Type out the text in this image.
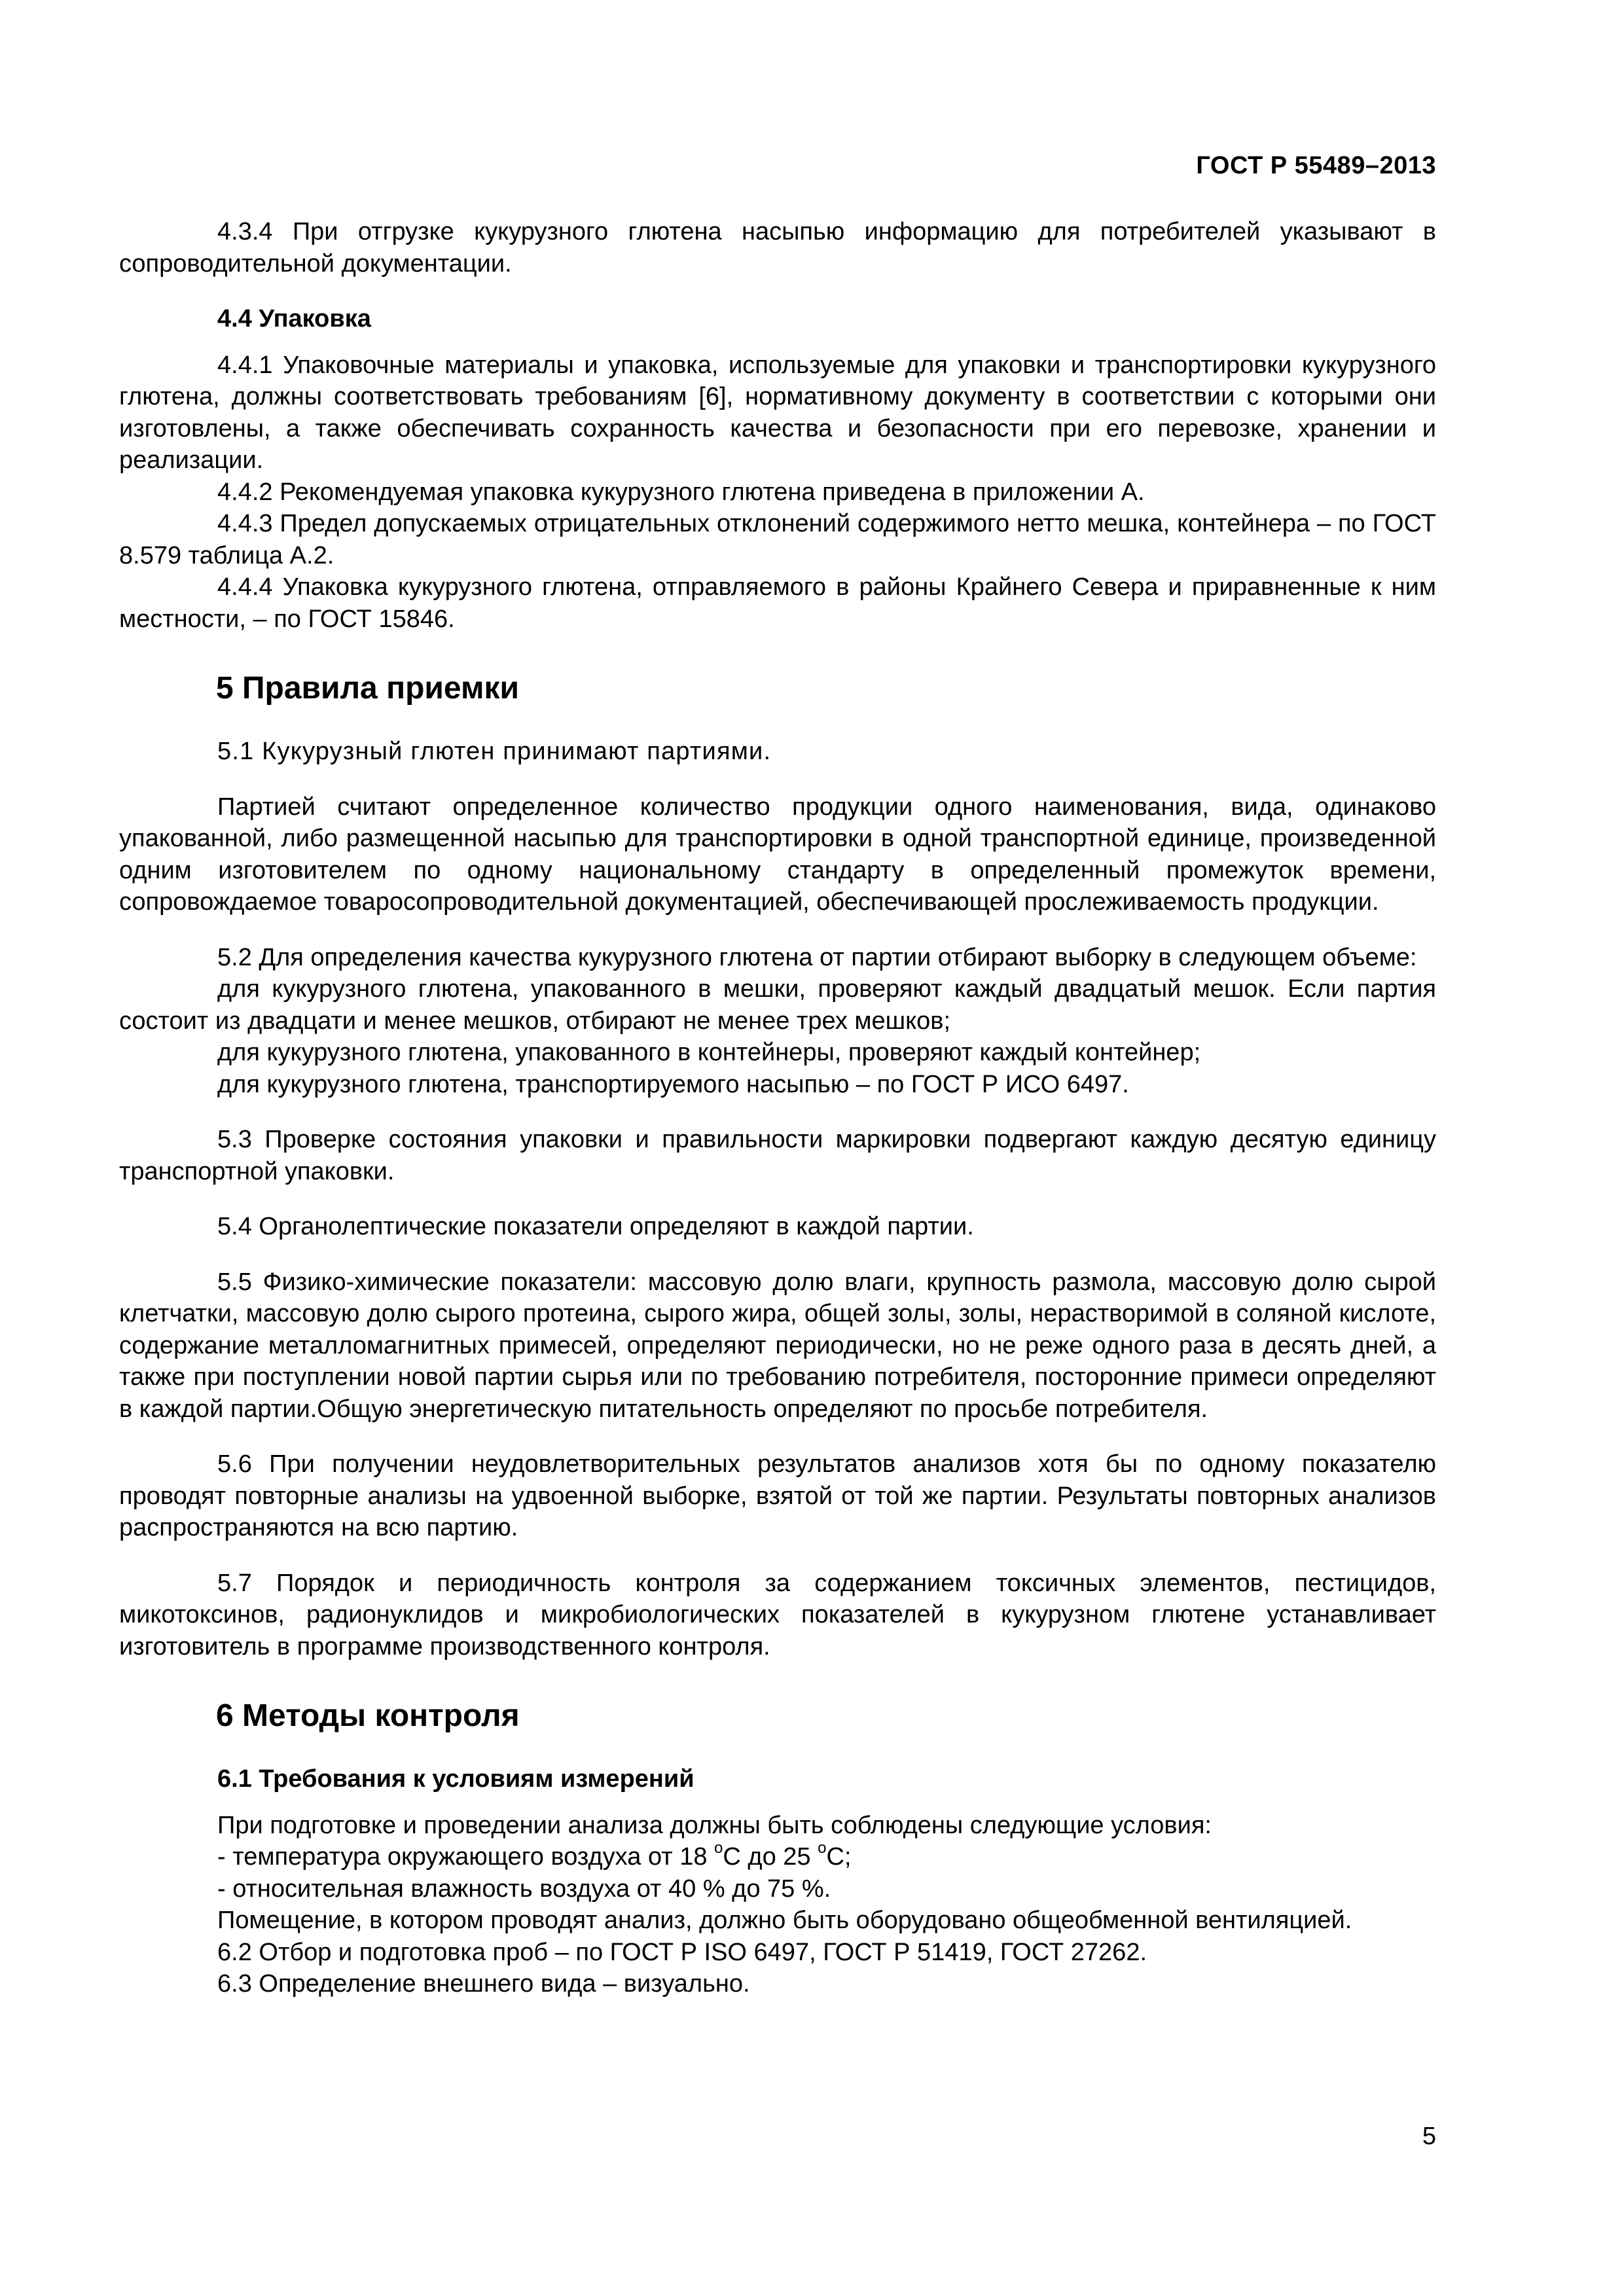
ГОСТ Р 55489–2013

4.3.4 При отгрузке кукурузного глютена насыпью информацию для потребителей указывают в сопроводительной документации.

4.4 Упаковка

4.4.1 Упаковочные материалы и упаковка, используемые для упаковки и транспортировки кукурузного глютена, должны соответствовать требованиям [6], нормативному документу в соответствии с которыми они изготовлены, а также обеспечивать сохранность качества и безопасности при его перевозке, хранении и реализации.

4.4.2 Рекомендуемая упаковка кукурузного глютена приведена в приложении А.

4.4.3 Предел допускаемых отрицательных отклонений содержимого нетто мешка, контейнера – по ГОСТ 8.579 таблица А.2.

4.4.4 Упаковка кукурузного глютена, отправляемого в районы Крайнего Севера и приравненные к ним местности, – по ГОСТ 15846.

5 Правила приемки

5.1 Кукурузный глютен принимают партиями.

Партией считают определенное количество продукции одного наименования, вида, одинаково упакованной, либо размещенной насыпью для транспортировки в одной транспортной единице, произведенной одним изготовителем по одному национальному стандарту в определенный промежуток времени, сопровождаемое товаросопроводительной документацией, обеспечивающей прослеживаемость продукции.

5.2 Для определения качества кукурузного глютена от партии отбирают выборку в следующем объеме:

для кукурузного глютена, упакованного в мешки, проверяют каждый двадцатый мешок. Если партия состоит из двадцати и менее мешков, отбирают не менее трех мешков;

для кукурузного глютена, упакованного в контейнеры, проверяют каждый контейнер;

для кукурузного глютена, транспортируемого насыпью – по ГОСТ Р ИСО 6497.

5.3 Проверке состояния упаковки и правильности маркировки подвергают каждую десятую единицу транспортной упаковки.

5.4 Органолептические показатели определяют в каждой партии.

5.5 Физико-химические показатели: массовую долю влаги, крупность размола, массовую долю сырой клетчатки, массовую долю сырого протеина, сырого жира, общей золы, золы, нерастворимой в соляной кислоте, содержание металломагнитных примесей, определяют периодически, но не реже одного раза в десять дней, а также при поступлении новой партии сырья или по требованию потребителя, посторонние примеси определяют в каждой партии.Общую энергетическую питательность определяют по просьбе потребителя.

5.6 При получении неудовлетворительных результатов анализов хотя бы по одному показателю проводят повторные анализы на удвоенной выборке, взятой от той же партии. Результаты повторных анализов распространяются на всю партию.

5.7 Порядок и периодичность контроля за содержанием токсичных элементов, пестицидов, микотоксинов, радионуклидов и микробиологических показателей в кукурузном глютене устанавливает изготовитель в программе производственного контроля.

6 Методы контроля
6.1 Требования к условиям измерений

При подготовке и проведении анализа должны быть соблюдены следующие условия:

- температура окружающего воздуха от 18 $^о$С до 25 $^о$С;

- относительная влажность воздуха от 40 % до 75 %.

Помещение, в котором проводят анализ, должно быть оборудовано общеобменной вентиляцией.

6.2 Отбор и подготовка проб – по ГОСТ Р ISO 6497, ГОСТ Р 51419, ГОСТ 27262.

6.3 Определение внешнего вида – визуально.

5
